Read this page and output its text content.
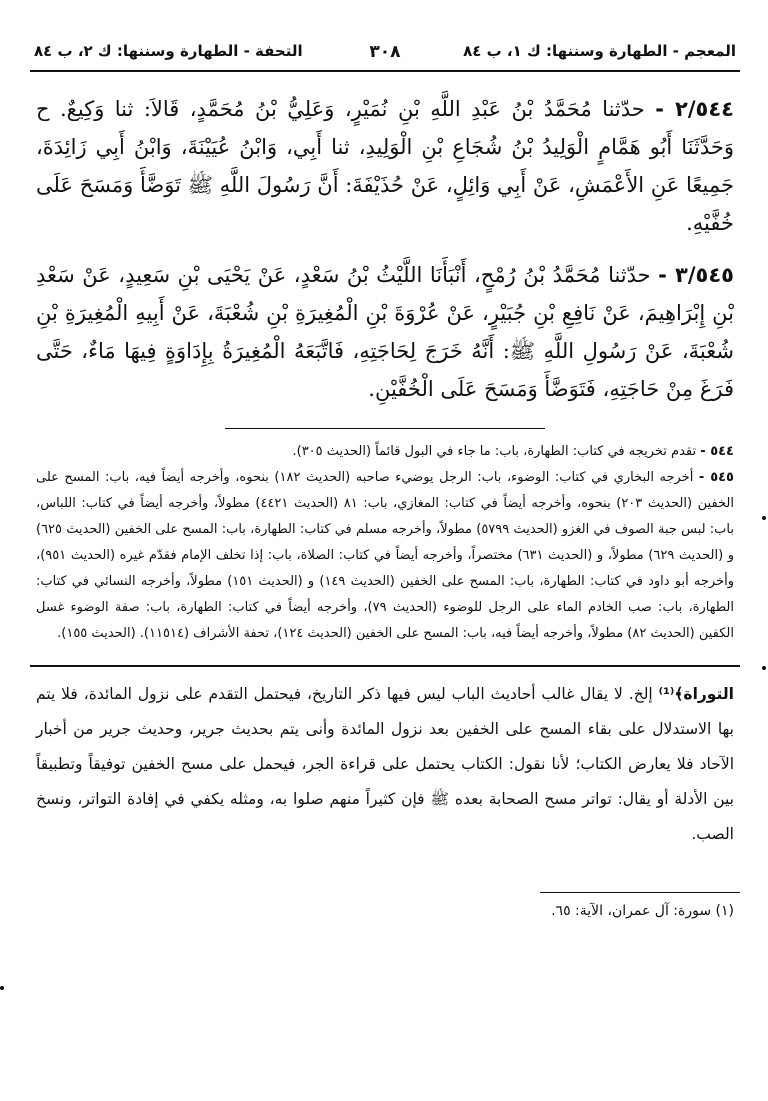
المعجم - الطهارة وسننها: ك ١، ب ٨٤
٣٠٨
التحفة - الطهارة وسننها: ك ٢، ب ٨٤

٢/٥٤٤ - حدّثنا مُحَمَّدُ بْنُ عَبْدِ اللَّهِ بْنِ نُمَيْرٍ، وَعَلِيُّ بْنُ مُحَمَّدٍ، قَالاَ: ثنا وَكِيعٌ. ح وَحَدَّثَنَا أَبُو هَمَّامٍ الْوَلِيدُ بْنُ شُجَاعِ بْنِ الْوَلِيدِ، ثنا أَبِي، وَابْنُ عُيَيْنَةَ، وَابْنُ أَبِي زَائِدَةَ، جَمِيعًا عَنِ الأَعْمَشِ، عَنْ أَبِي وَائِلٍ، عَنْ حُذَيْفَةَ: أَنَّ رَسُولَ اللَّهِ ﷺ تَوَضَّأَ وَمَسَحَ عَلَى خُفَّيْهِ.

٣/٥٤٥ - حدّثنا مُحَمَّدُ بْنُ رُمْحٍ، أَنْبَأَنَا اللَّيْثُ بْنُ سَعْدٍ، عَنْ يَحْيَى بْنِ سَعِيدٍ، عَنْ سَعْدِ بْنِ إِبْرَاهِيمَ، عَنْ نَافِعِ بْنِ جُبَيْرٍ، عَنْ عُرْوَةَ بْنِ الْمُغِيرَةِ بْنِ شُعْبَةَ، عَنْ أَبِيهِ الْمُغِيرَةِ بْنِ شُعْبَةَ، عَنْ رَسُولِ اللَّهِ ﷺ: أَنَّهُ خَرَجَ لِحَاجَتِهِ، فَاتَّبَعَهُ الْمُغِيرَةُ بِإِدَاوَةٍ فِيهَا مَاءٌ، حَتَّى فَرَغَ مِنْ حَاجَتِهِ، فَتَوَضَّأَ وَمَسَحَ عَلَى الْخُفَّيْنِ.

٥٤٤ - تقدم تخريجه في كتاب: الطهارة، باب: ما جاء في البول قائماً (الحديث ٣٠٥).

٥٤٥ - أخرجه البخاري في كتاب: الوضوء، باب: الرجل يوضيء صاحبه (الحديث ١٨٢) بنحوه، وأخرجه أيضاً فيه، باب: المسح على الخفين (الحديث ٢٠٣) بنحوه، وأخرجه أيضاً في كتاب: المغازي، باب: ٨١ (الحديث ٤٤٢١) مطولاً، وأخرجه أيضاً في كتاب: اللباس، باب: لبس جبة الصوف في الغزو (الحديث ٥٧٩٩) مطولاً، وأخرجه مسلم في كتاب: الطهارة، باب: المسح على الخفين (الحديث ٦٢٥) و (الحديث ٦٢٩) مطولاً، و (الحديث ٦٣١) مختصراً، وأخرجه أيضاً في كتاب: الصلاة، باب: إذا تخلف الإمام فقدّم غيره (الحديث ٩٥١)، وأخرجه أبو داود في كتاب: الطهارة، باب: المسح على الخفين (الحديث ١٤٩) و (الحديث ١٥١) مطولاً، وأخرجه النسائي في كتاب: الطهارة، باب: صب الخادم الماء على الرجل للوضوء (الحديث ٧٩)، وأخرجه أيضاً في كتاب: الطهارة، باب: صفة الوضوء غسل الكفين (الحديث ٨٢) مطولاً، وأخرجه أيضاً فيه، باب: المسح على الخفين (الحديث ١٢٤)، تحفة الأشراف (١١٥١٤). (الحديث ١٥٥).

التوراة﴾⁽¹⁾ إلخ. لا يقال غالب أحاديث الباب ليس فيها ذكر التاريخ، فيحتمل التقدم على نزول المائدة، فلا يتم بها الاستدلال على بقاء المسح على الخفين بعد نزول المائدة وأنى يتم بحديث جرير، وحديث جرير من أخبار الآحاد فلا يعارض الكتاب؛ لأنا نقول: الكتاب يحتمل على قراءة الجر، فيحمل على مسح الخفين توفيقاً وتطبيقاً بين الأدلة أو يقال: تواتر مسح الصحابة بعده ﷺ فإن كثيراً منهم صلوا به، ومثله يكفي في إفادة التواتر، ونسخ الصب.
(١) سورة: آل عمران، الآية: ٦٥.
